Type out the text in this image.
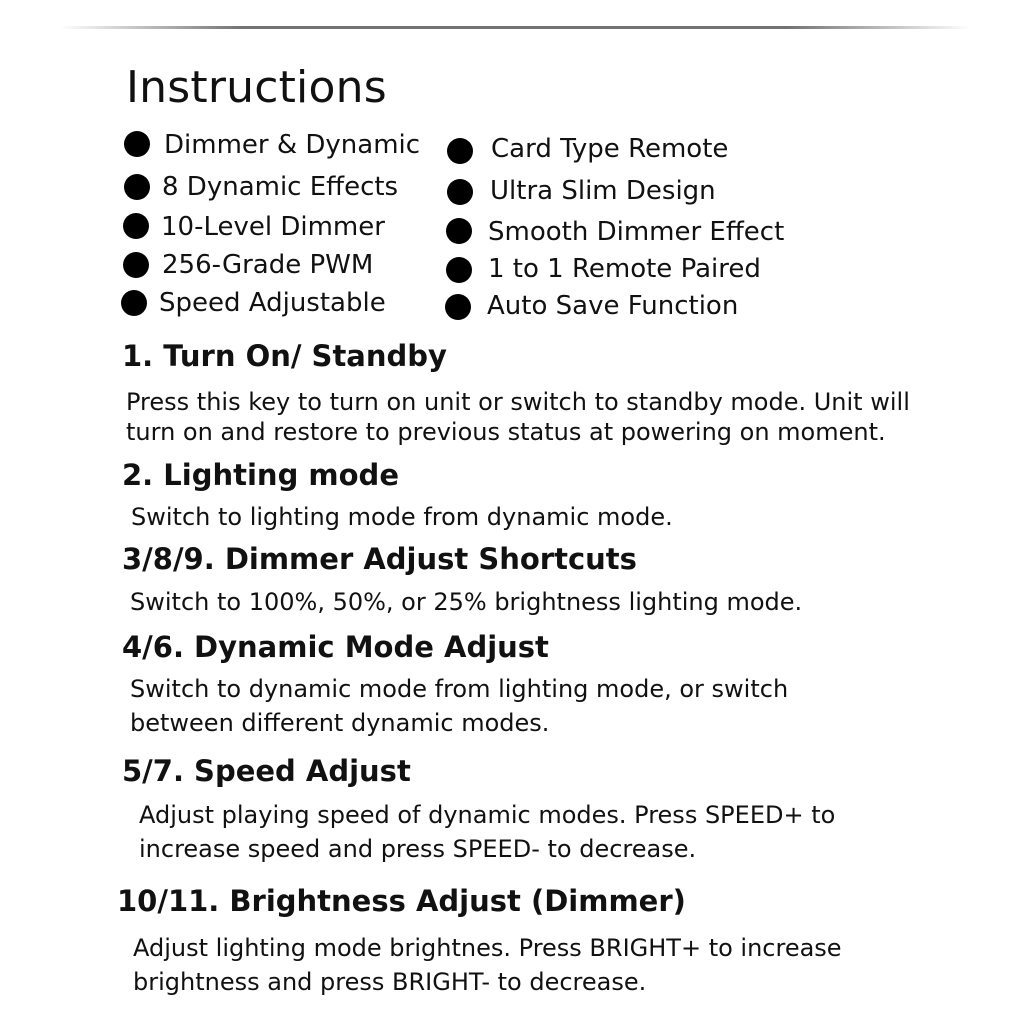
Instructions
Dimmer & Dynamic
8 Dynamic Effects
10-Level Dimmer
256-Grade PWM
Speed Adjustable
Card Type Remote
Ultra Slim Design
Smooth Dimmer Effect
1 to 1 Remote Paired
Auto Save Function
1. Turn On/ Standby
Press this key to turn on unit or switch to standby mode. Unit will
turn on and restore to previous status at powering on moment.
2. Lighting mode
Switch to lighting mode from dynamic mode.
3/8/9. Dimmer Adjust Shortcuts
Switch to 100%, 50%, or 25% brightness lighting mode.
4/6. Dynamic Mode Adjust
Switch to dynamic mode from lighting mode, or switch
between different dynamic modes.
5/7. Speed Adjust
Adjust playing speed of dynamic modes. Press SPEED+ to
increase speed and press SPEED- to decrease.
10/11. Brightness Adjust (Dimmer)
Adjust lighting mode brightnes. Press BRIGHT+ to increase
brightness and press BRIGHT- to decrease.
